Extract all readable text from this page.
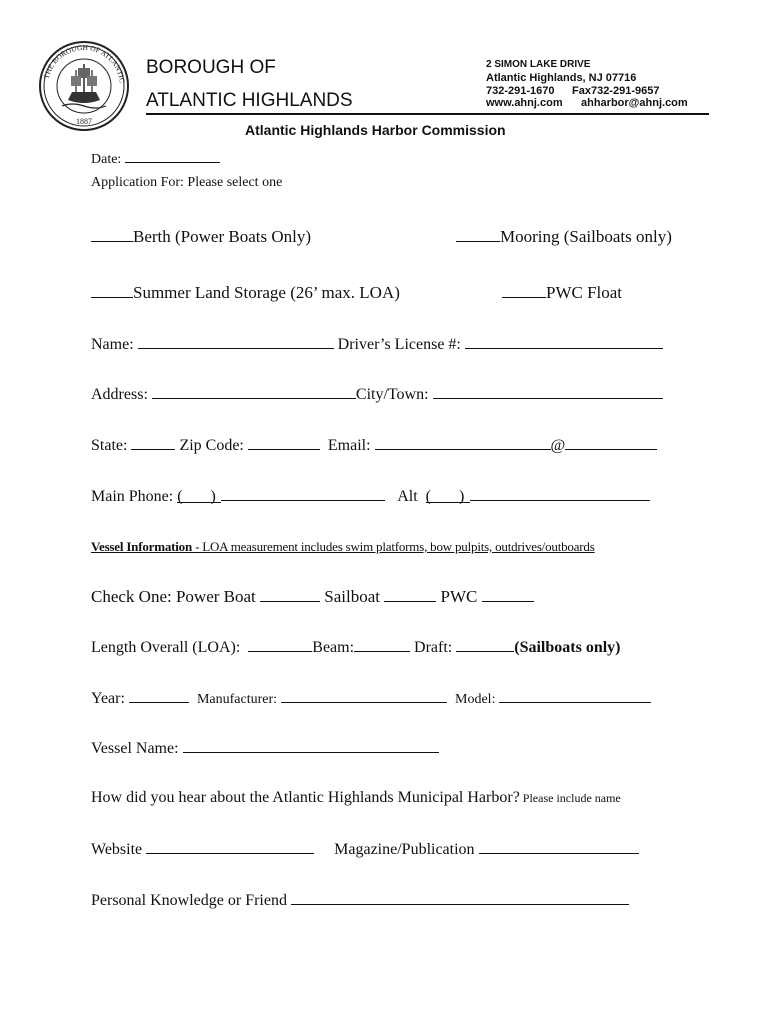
1887
THE BOROUGH OF ATLANTIC
BOROUGH OF
ATLANTIC HIGHLANDS
2 SIMON LAKE DRIVE
Atlantic Highlands, NJ 07716
732-291-1670 Fax732-291-9657
www.ahnj.com ahharbor@ahnj.com
Atlantic Highlands Harbor Commission
Date:
Application For: Please select one
Berth (Power Boats Only)	Mooring (Sailboats only)
Summer Land Storage (26’ max. LOA)	PWC Float
Name:	Driver’s License #:
Address:	City/Town:
State:	Zip Code:	Email:	@
Main Phone: ( )	Alt ( )
Vessel Information - LOA measurement includes swim platforms, bow pulpits, outdrives/outboards
Check One: Power Boat	Sailboat	PWC
Length Overall (LOA):	Beam:	Draft:	(Sailboats only)
Year:	Manufacturer:	Model:
Vessel Name:
How did you hear about the Atlantic Highlands Municipal Harbor? Please include name
Website	Magazine/Publication
Personal Knowledge or Friend
